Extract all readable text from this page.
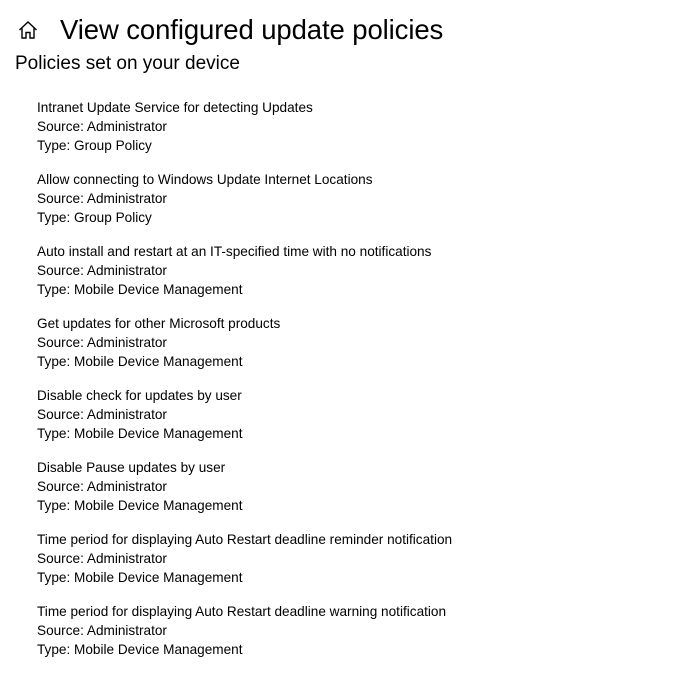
View configured update policies
Policies set on your device
Intranet Update Service for detecting Updates
Source: Administrator
Type: Group Policy
Allow connecting to Windows Update Internet Locations
Source: Administrator
Type: Group Policy
Auto install and restart at an IT-specified time with no notifications
Source: Administrator
Type: Mobile Device Management
Get updates for other Microsoft products
Source: Administrator
Type: Mobile Device Management
Disable check for updates by user
Source: Administrator
Type: Mobile Device Management
Disable Pause updates by user
Source: Administrator
Type: Mobile Device Management
Time period for displaying Auto Restart deadline reminder notification
Source: Administrator
Type: Mobile Device Management
Time period for displaying Auto Restart deadline warning notification
Source: Administrator
Type: Mobile Device Management
